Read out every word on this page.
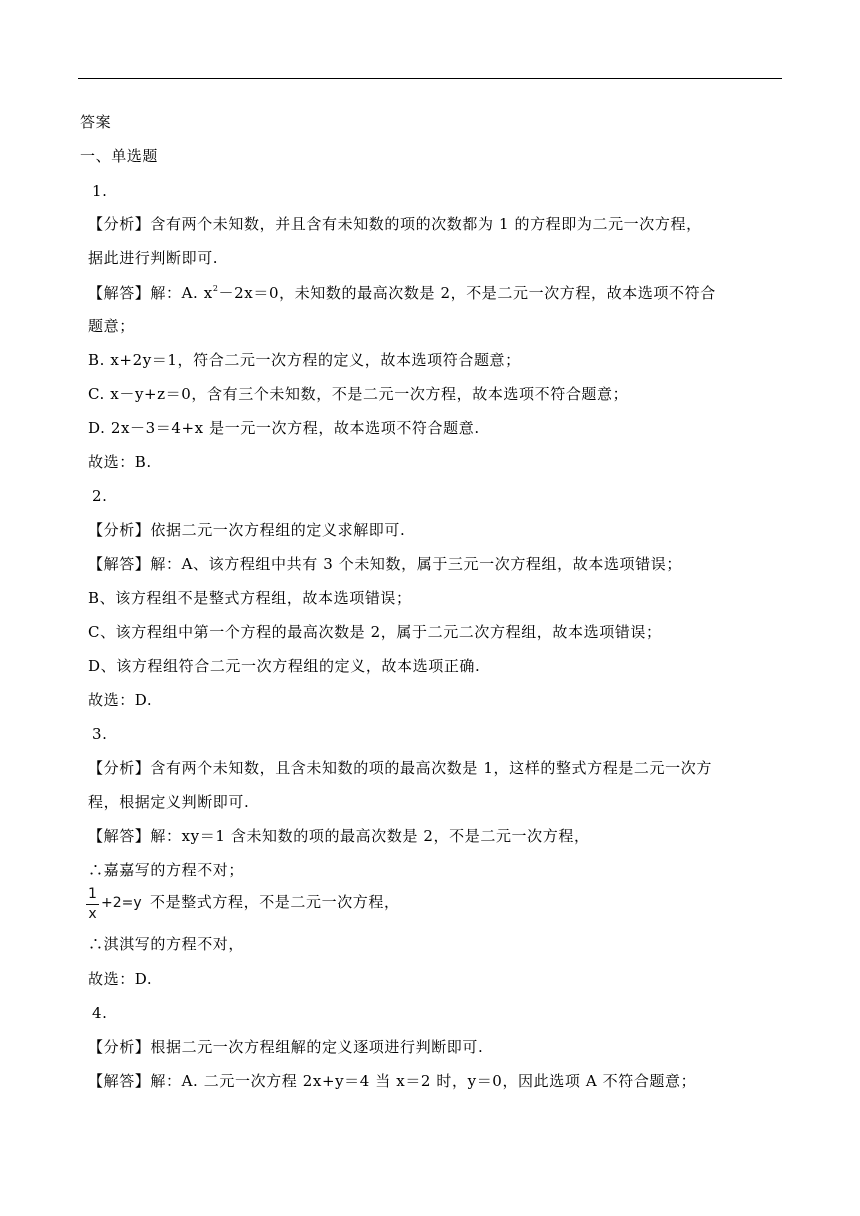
答案
一、单选题
1.
【分析】含有两个未知数，并且含有未知数的项的次数都为 1 的方程即为二元一次方程，
据此进行判断即可.
【解答】解：A. $x^2-2x=0$，未知数的最高次数是 2，不是二元一次方程，故本选项不符合
题意；
B. x+2y＝1，符合二元一次方程的定义，故本选项符合题意；
C. x－y+z＝0，含有三个未知数，不是二元一次方程，故本选项不符合题意；
D. 2x－3＝4+x 是一元一次方程，故本选项不符合题意.
故选：B.
2.
【分析】依据二元一次方程组的定义求解即可.
【解答】解：A、该方程组中共有 3 个未知数，属于三元一次方程组，故本选项错误；
B、该方程组不是整式方程组，故本选项错误；
C、该方程组中第一个方程的最高次数是 2，属于二元二次方程组，故本选项错误；
D、该方程组符合二元一次方程组的定义，故本选项正确.
故选：D.
3.
【分析】含有两个未知数，且含未知数的项的最高次数是 1，这样的整式方程是二元一次方
程，根据定义判断即可.
【解答】解：xy＝1 含未知数的项的最高次数是 2，不是二元一次方程，
∴嘉嘉写的方程不对；
1
x
+2=y 不是整式方程，不是二元一次方程，
∴淇淇写的方程不对，
故选：D.
4.
【分析】根据二元一次方程组解的定义逐项进行判断即可.
【解答】解：A. 二元一次方程 2x+y＝4 当 x＝2 时，y＝0，因此选项 A 不符合题意；
